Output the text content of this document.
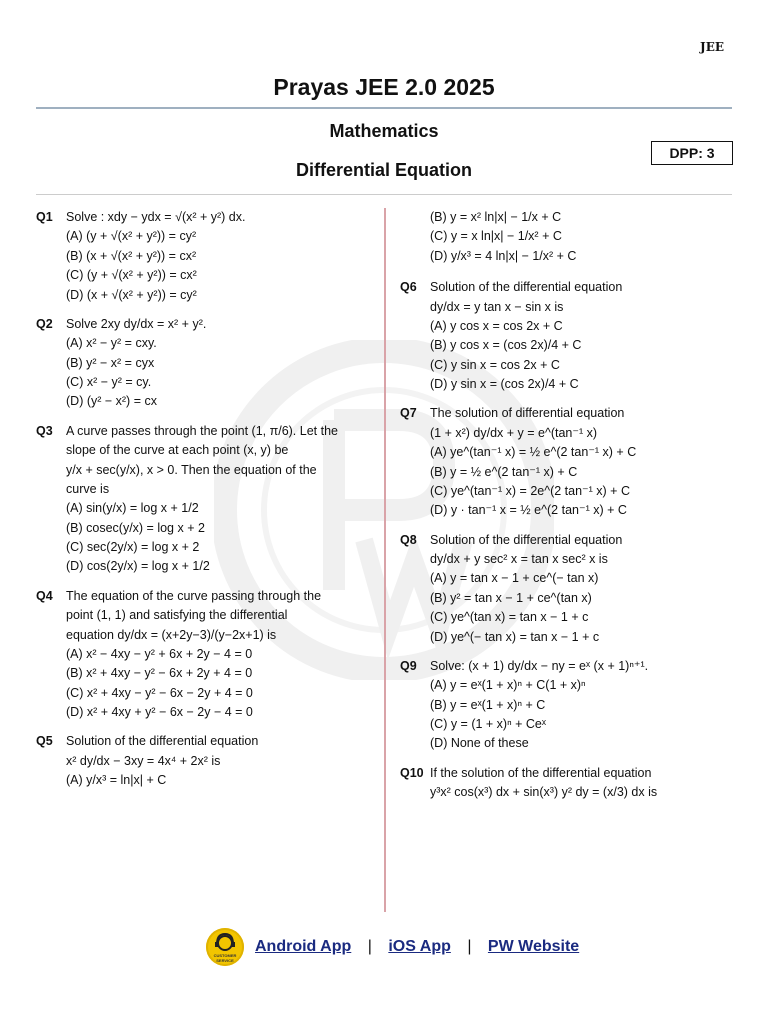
JEE
Prayas JEE 2.0 2025
Mathematics
Differential Equation
DPP: 3
Q1 Solve : xdy − ydx = √(x² + y²) dx.
(A) (y + √(x² + y²)) = cy²
(B) (x + √(x² + y²)) = cx²
(C) (y + √(x² + y²)) = cx²
(D) (x + √(x² + y²)) = cy²
Q2 Solve 2xy dy/dx = x² + y².
(A) x² − y² = cxy.
(B) y² − x² = cyx
(C) x² − y² = cy.
(D) (y² − x²) = cx
Q3 A curve passes through the point (1, π/6). Let the
slope of the curve at each point (x, y) be
y/x + sec(y/x), x > 0. Then the equation of the
curve is
(A) sin(y/x) = log x + 1/2
(B) cosec(y/x) = log x + 2
(C) sec(2y/x) = log x + 2
(D) cos(2y/x) = log x + 1/2
Q4 The equation of the curve passing through the
point (1, 1) and satisfying the differential
equation dy/dx = (x+2y−3)/(y−2x+1) is
(A) x² − 4xy − y² + 6x + 2y − 4 = 0
(B) x² + 4xy − y² − 6x + 2y + 4 = 0
(C) x² + 4xy − y² − 6x − 2y + 4 = 0
(D) x² + 4xy + y² − 6x − 2y − 4 = 0
Q5 Solution of the differential equation
x² dy/dx − 3xy = 4x⁴ + 2x² is
(A) y/x³ = ln|x| + C
(B) y = x² ln|x| − 1/x + C
(C) y = x ln|x| − 1/x² + C
(D) y/x³ = 4 ln|x| − 1/x² + C
Q6 Solution of the differential equation
dy/dx = y tan x − sin x is
(A) y cos x = cos 2x + C
(B) y cos x = (cos 2x)/4 + C
(C) y sin x = cos 2x + C
(D) y sin x = (cos 2x)/4 + C
Q7 The solution of differential equation
(1 + x²) dy/dx + y = e^(tan⁻¹ x)
(A) ye^(tan⁻¹ x) = ½ e^(2 tan⁻¹ x) + C
(B) y = ½ e^(2 tan⁻¹ x) + C
(C) ye^(tan⁻¹ x) = 2e^(2 tan⁻¹ x) + C
(D) y · tan⁻¹ x = ½ e^(2 tan⁻¹ x) + C
Q8 Solution of the differential equation
dy/dx + y sec² x = tan x sec² x is
(A) y = tan x − 1 + ce^(− tan x)
(B) y² = tan x − 1 + ce^(tan x)
(C) ye^(tan x) = tan x − 1 + c
(D) ye^(− tan x) = tan x − 1 + c
Q9 Solve: (x + 1) dy/dx − ny = eˣ (x + 1)ⁿ⁺¹.
(A) y = eˣ(1 + x)ⁿ + C(1 + x)ⁿ
(B) y = eˣ(1 + x)ⁿ + C
(C) y = (1 + x)ⁿ + Ceˣ
(D) None of these
Q10 If the solution of the differential equation
y³x² cos(x³) dx + sin(x³) y² dy = (x/3) dx is
CUSTOMER SERVICE
Android App | iOS App | PW Website
